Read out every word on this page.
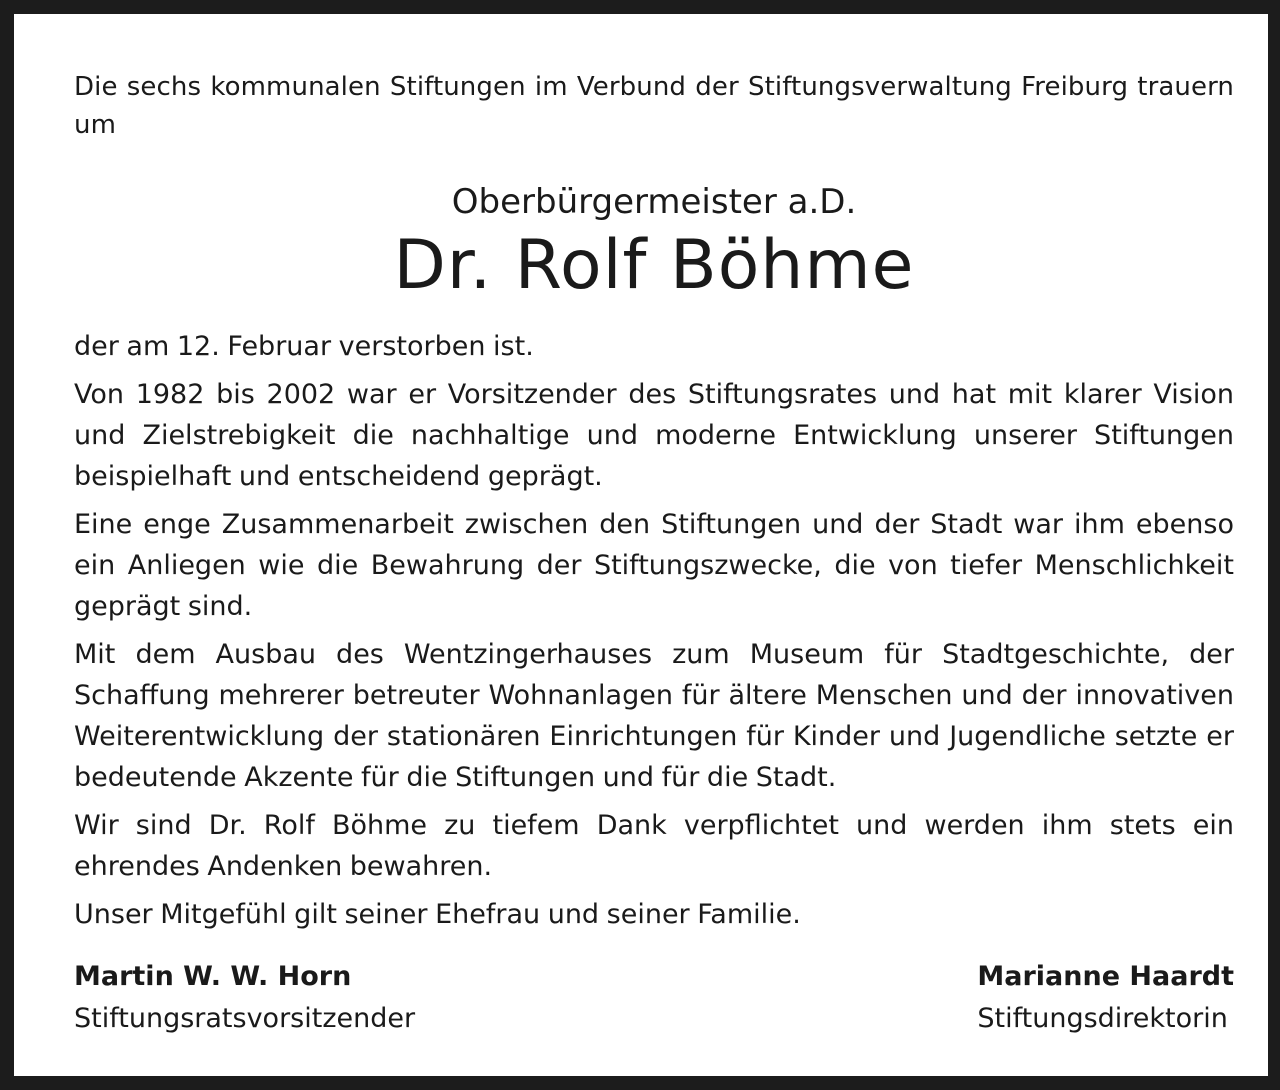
Die sechs kommunalen Stiftungen im Verbund der Stiftungsverwaltung Freiburg trauern um

Oberbürgermeister a.D.

Dr. Rolf Böhme

der am 12. Februar verstorben ist.

Von 1982 bis 2002 war er Vorsitzender des Stiftungsrates und hat mit klarer Vision und Zielstrebigkeit die nachhaltige und moderne Entwicklung unserer Stiftungen beispielhaft und entscheidend geprägt.

Eine enge Zusammenarbeit zwischen den Stiftungen und der Stadt war ihm ebenso ein Anliegen wie die Bewahrung der Stiftungszwecke, die von tiefer Menschlichkeit geprägt sind.

Mit dem Ausbau des Wentzingerhauses zum Museum für Stadtgeschichte, der Schaffung mehrerer betreuter Wohnanlagen für ältere Menschen und der innovativen Weiterentwicklung der stationären Einrichtungen für Kinder und Jugendliche setzte er bedeutende Akzente für die Stiftungen und für die Stadt.

Wir sind Dr. Rolf Böhme zu tiefem Dank verpflichtet und werden ihm stets ein ehrendes Andenken bewahren.

Unser Mitgefühl gilt seiner Ehefrau und seiner Familie.

Martin W. W. Horn
Stiftungsratsvorsitzender
Marianne Haardt
Stiftungsdirektorin
